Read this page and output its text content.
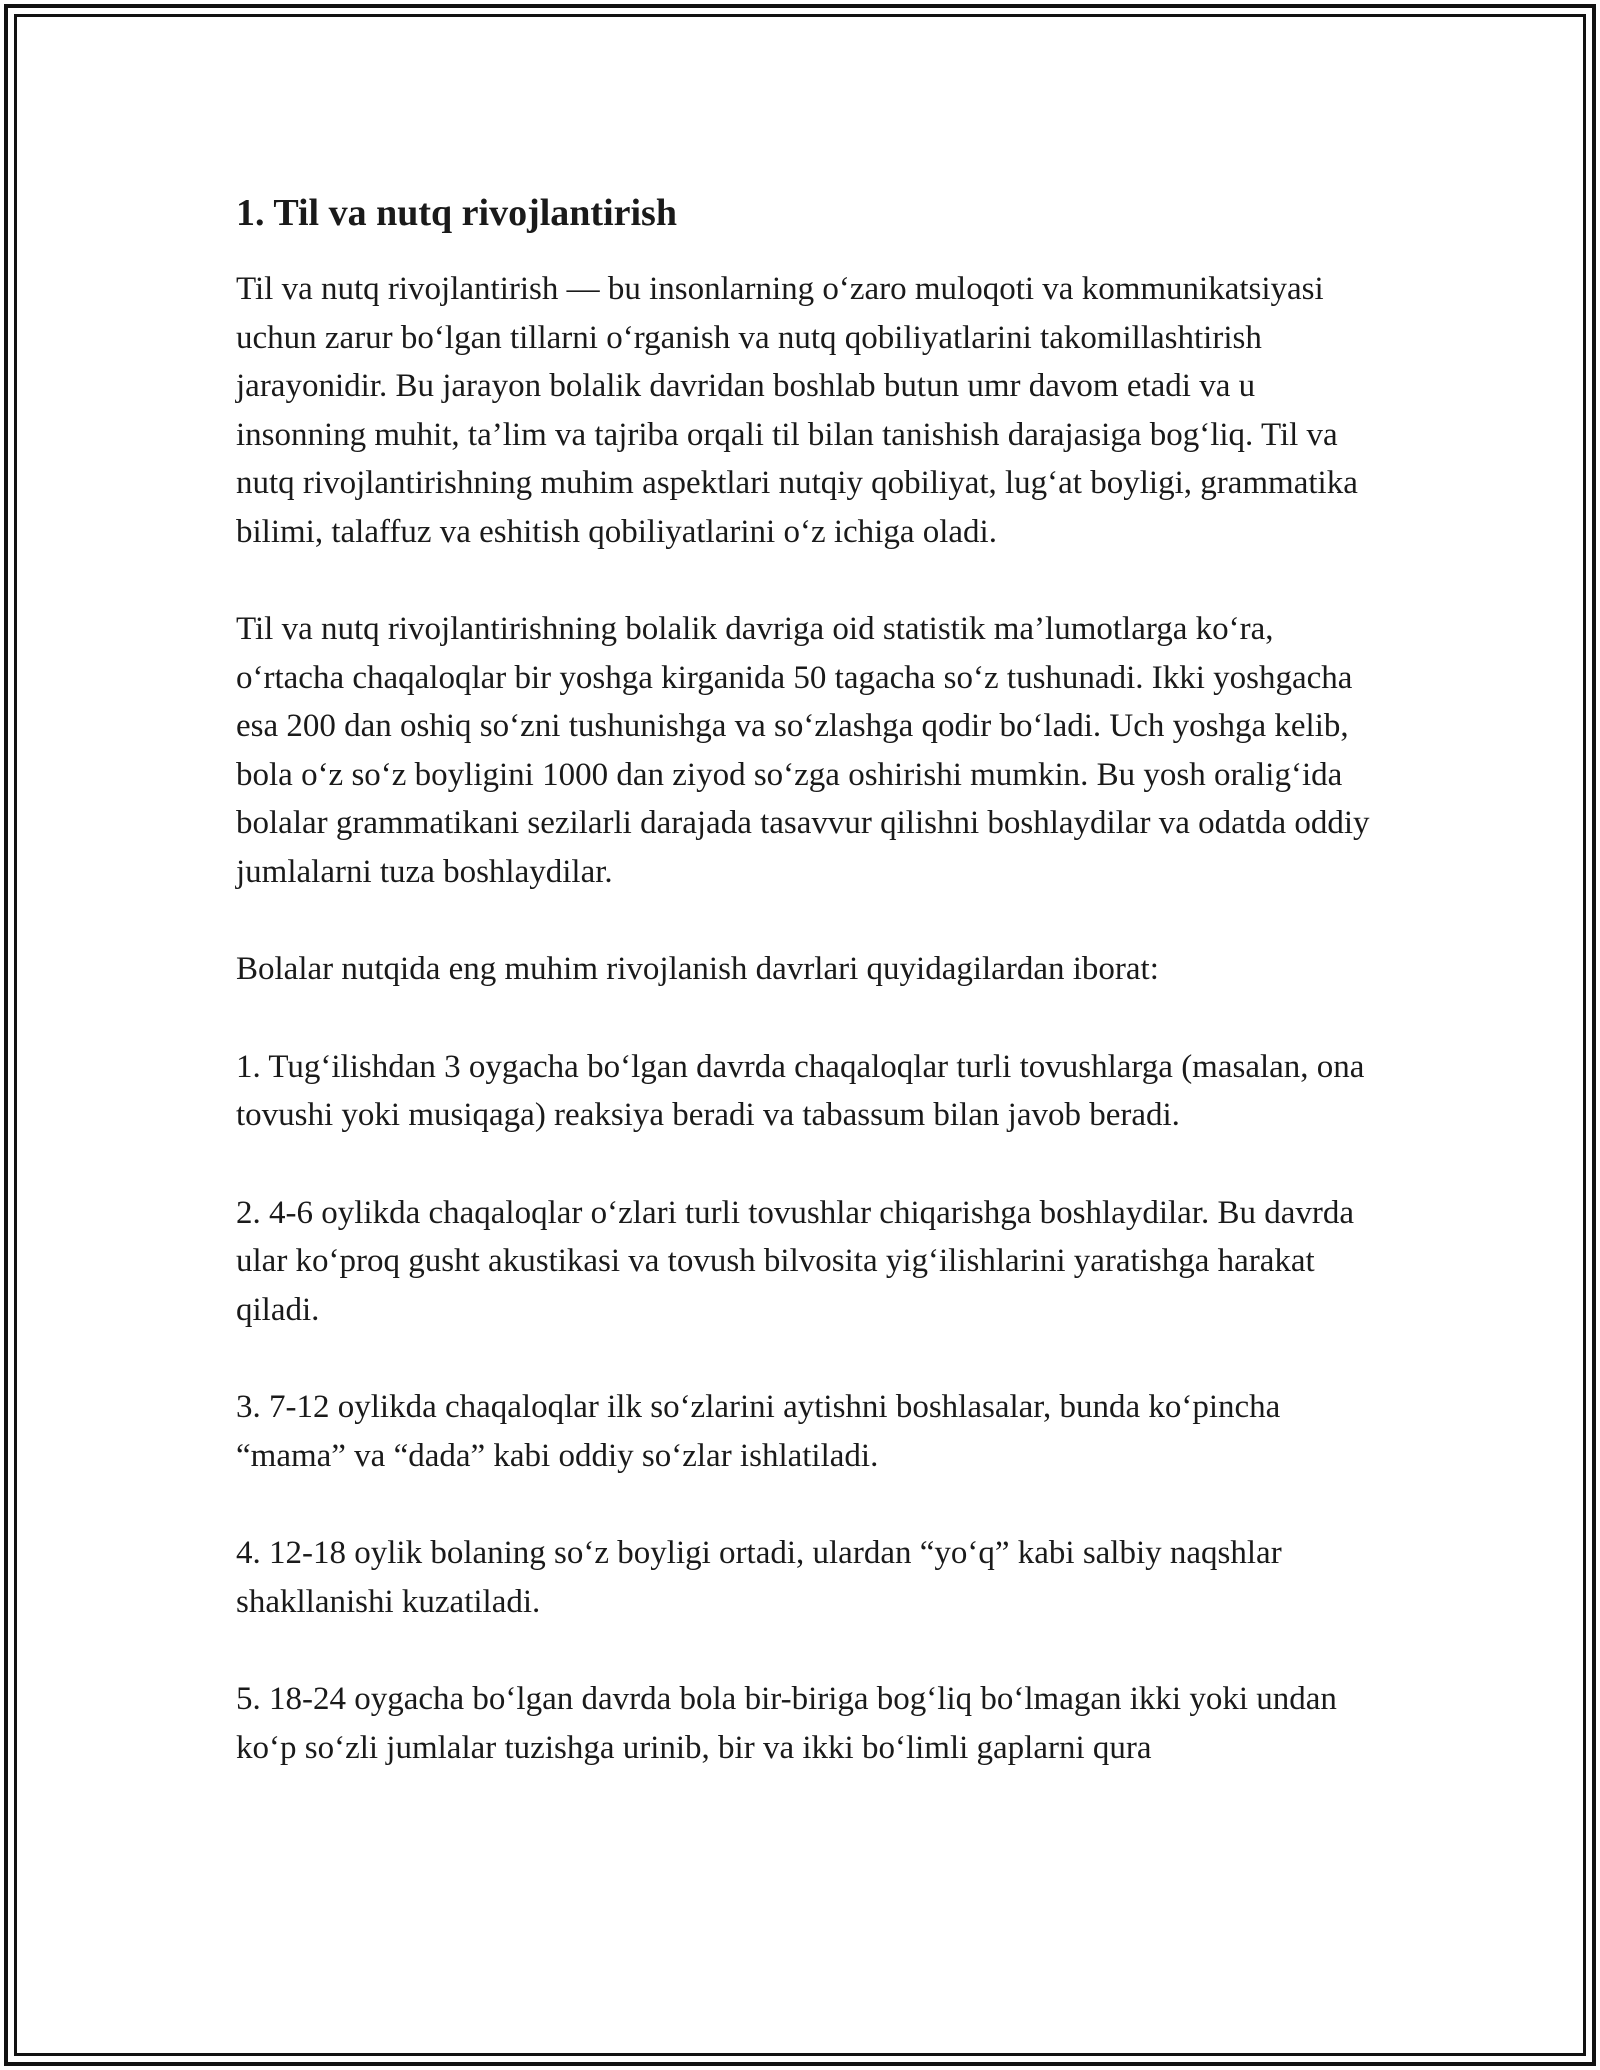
1. Til va nutq rivojlantirish

Til va nutq rivojlantirish — bu insonlarning o‘zaro muloqoti va kommunikatsiyasi uchun zarur bo‘lgan tillarni o‘rganish va nutq qobiliyatlarini takomillashtirish jarayonidir. Bu jarayon bolalik davridan boshlab butun umr davom etadi va u insonning muhit, ta’lim va tajriba orqali til bilan tanishish darajasiga bog‘liq. Til va nutq rivojlantirishning muhim aspektlari nutqiy qobiliyat, lug‘at boyligi, grammatika bilimi, talaffuz va eshitish qobiliyatlarini o‘z ichiga oladi.

Til va nutq rivojlantirishning bolalik davriga oid statistik ma’lumotlarga ko‘ra, o‘rtacha chaqaloqlar bir yoshga kirganida 50 tagacha so‘z tushunadi. Ikki yoshgacha esa 200 dan oshiq so‘zni tushunishga va so‘zlashga qodir bo‘ladi. Uch yoshga kelib, bola o‘z so‘z boyligini 1000 dan ziyod so‘zga oshirishi mumkin. Bu yosh oralig‘ida bolalar grammatikani sezilarli darajada tasavvur qilishni boshlaydilar va odatda oddiy jumlalarni tuza boshlaydilar.

Bolalar nutqida eng muhim rivojlanish davrlari quyidagilardan iborat:

1. Tug‘ilishdan 3 oygacha bo‘lgan davrda chaqaloqlar turli tovushlarga (masalan, ona tovushi yoki musiqaga) reaksiya beradi va tabassum bilan javob beradi.

2. 4-6 oylikda chaqaloqlar o‘zlari turli tovushlar chiqarishga boshlaydilar. Bu davrda ular ko‘proq gusht akustikasi va tovush bilvosita yig‘ilishlarini yaratishga harakat qiladi.

3. 7-12 oylikda chaqaloqlar ilk so‘zlarini aytishni boshlasalar, bunda ko‘pincha “mama” va “dada” kabi oddiy so‘zlar ishlatiladi.

4. 12-18 oylik bolaning so‘z boyligi ortadi, ulardan “yo‘q” kabi salbiy naqshlar shakllanishi kuzatiladi.

5. 18-24 oygacha bo‘lgan davrda bola bir-biriga bog‘liq bo‘lmagan ikki yoki undan ko‘p so‘zli jumlalar tuzishga urinib, bir va ikki bo‘limli gaplarni qura
